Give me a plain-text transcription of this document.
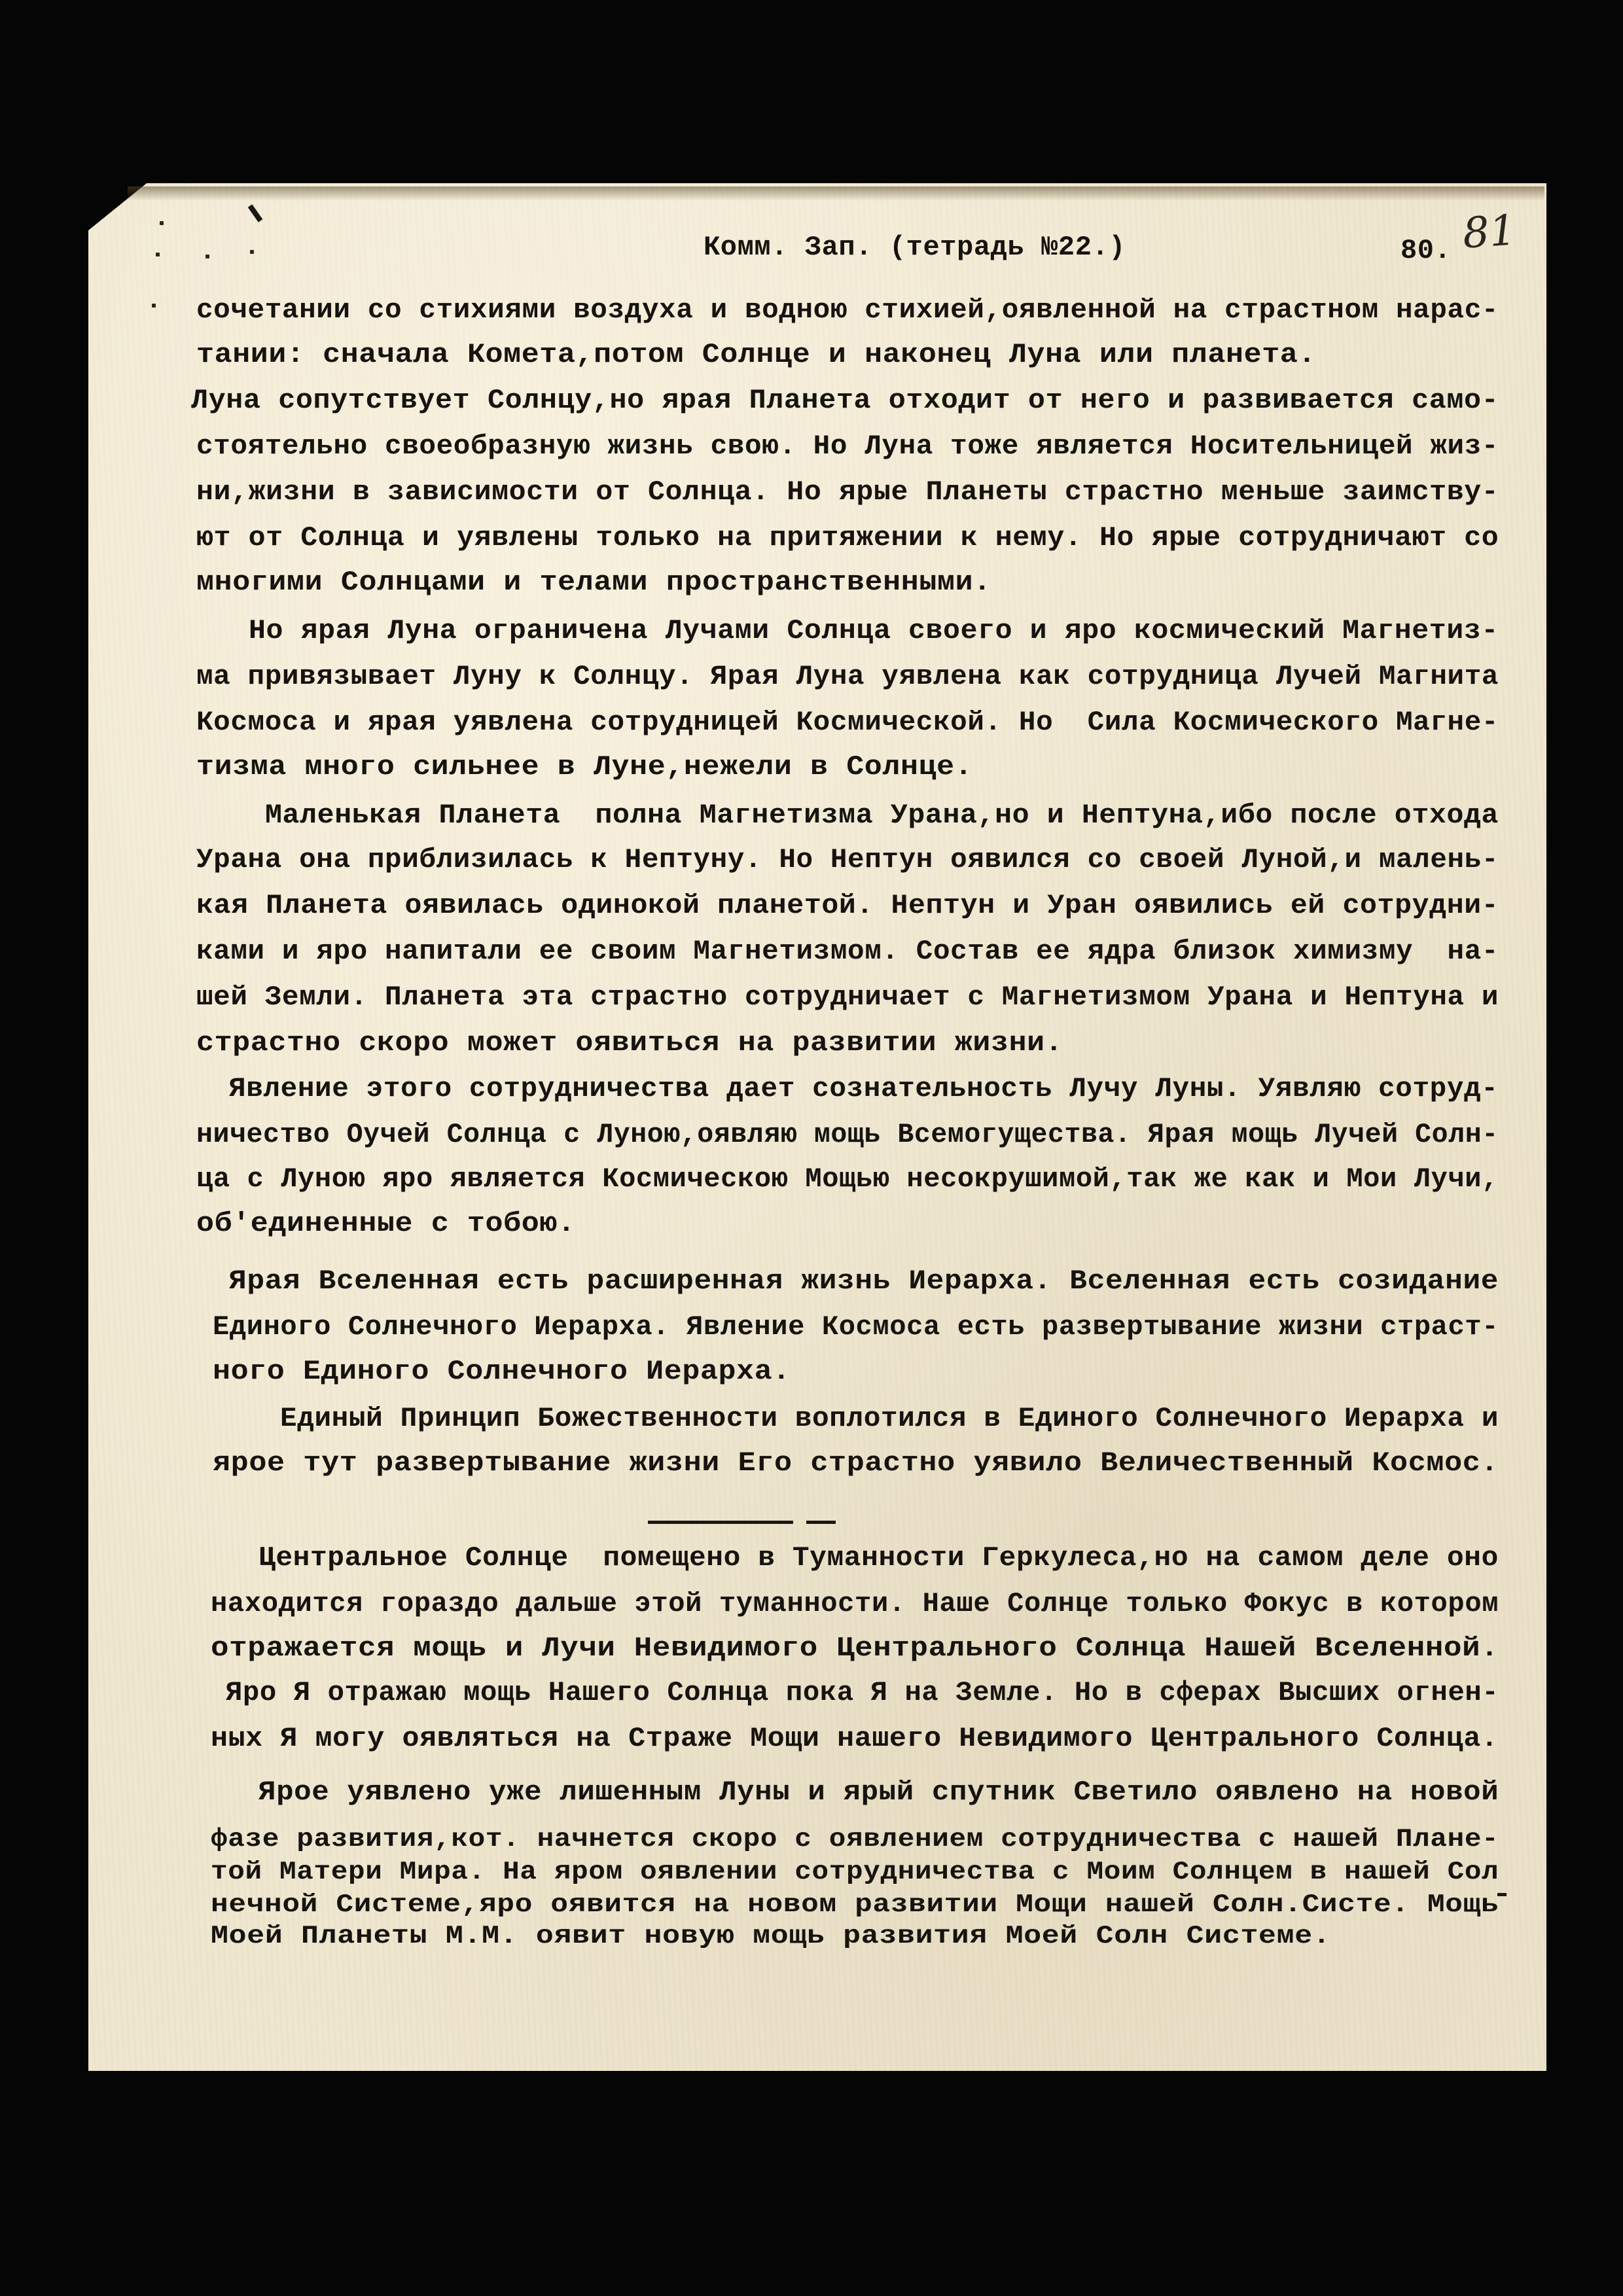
Комм. Зап. (тетрадь №22.)	80. 81
сочетании со стихиями воздуха и водною стихией,оявленной на страстном нарас-
тании: сначала Комета,потом Солнце и наконец Луна или планета.
Луна сопутствует Солнцу,но ярая Планета отходит от него и развивается само-
стоятельно своеобразную жизнь свою. Но Луна тоже является Носительницей жиз-
ни,жизни в зависимости от Солнца. Но ярые Планеты страстно меньше заимству-
ют от Солнца и уявлены только на притяжении к нему. Но ярые сотрудничают со
многими Солнцами и телами пространственными.
Но ярая Луна ограничена Лучами Солнца своего и яро космический Магнетиз-
мa привязывает Луну к Солнцу. Ярая Луна уявлена как сотрудница Лучей Магнита
Космоса и ярая уявлена сотрудницей Космической. Но  Сила Космического Магне-
тизма много сильнее в Луне,нежели в Солнце.
Маленькая Планета  полна Магнетизма Урана,но и Нептуна,ибо после отхода
Урана она приблизилась к Нептуну. Но Нептун оявился со своей Луной,и малень-
кая Планета оявилась одинокой планетой. Нептун и Уран оявились ей сотрудни-
ками и яро напитали ее своим Магнетизмом. Состав ее ядра близок химизму  на-
шей Земли. Планета эта страстно сотрудничает с Магнетизмом Урана и Нептуна и
страстно скоро может оявиться на развитии жизни.
Явление этого сотрудничества дает сознательность Лучу Луны. Уявляю сотруд-
ничество Оучей Солнца с Луною,оявляю мощь Всемогущества. Ярая мощь Лучей Солн-
ца с Луною яро является Космическою Мощью несокрушимой,так же как и Мои Лучи,
об'единенные с тобою.
Ярая Вселенная есть расширенная жизнь Иерарха. Вселенная есть созидание
Единого Солнечного Иерарха. Явление Космоса есть развертывание жизни страст-
ного Единого Солнечного Иерарха.
Единый Принцип Божественности воплотился в Единого Солнечного Иерарха и
ярое тут развертывание жизни Его страстно уявило Величественный Космос.
Центральное Солнце  помещено в Туманности Геркулеса,но на самом деле оно
находится гораздо дальше этой туманности. Наше Солнце только Фокус в котором
отражается мощь и Лучи Невидимого Центрального Солнца Нашей Вселенной.
Яро Я отражаю мощь Нашего Солнца пока Я на Земле. Но в сферах Высших огнен-
ных Я могу оявляться на Страже Мощи нашего Невидимого Центрального Солнца.
Ярое уявлено уже лишенным Луны и ярый спутник Светило оявлено на новой
фазе развития,кот. начнется скоро с оявлением сотрудничества с нашей Плане-
той Матери Мира. На яром оявлении сотрудничества с Моим Солнцем в нашей Сол
нечной Системе,яро оявится на новом развитии Мощи нашей Солн.Систе. Мощь
Моей Планеты М.М. оявит новую мощь развития Моей Солн Системе.
